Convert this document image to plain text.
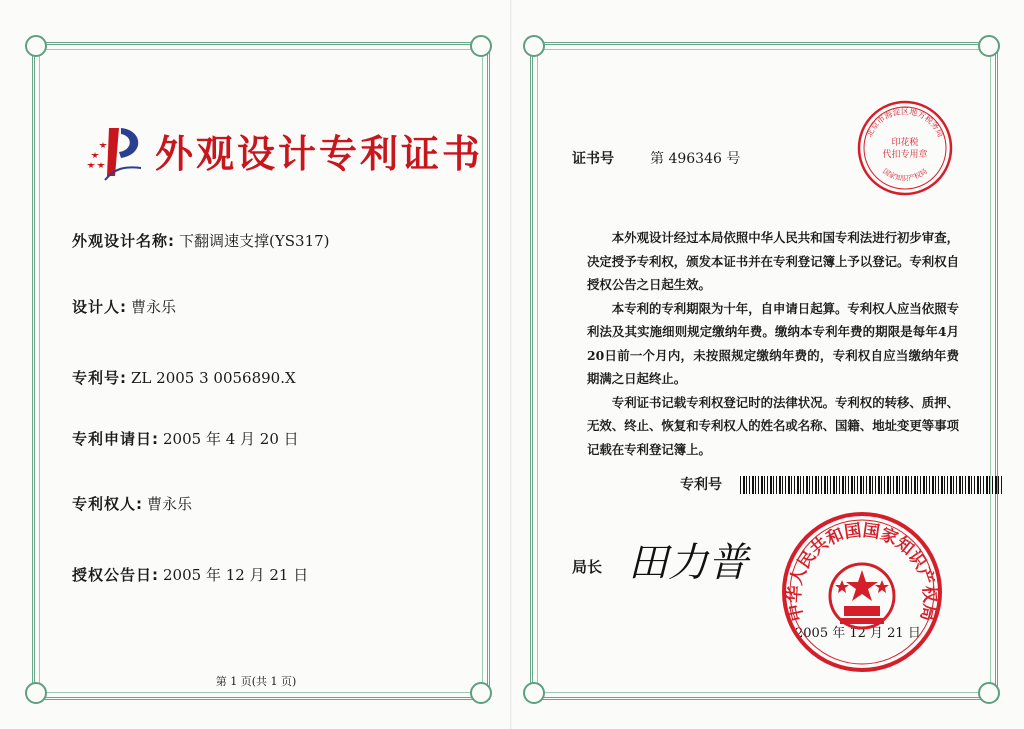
外观设计专利证书
外观设计名称: 下翻调速支撑(YS317)
设计人: 曹永乐
专利号: ZL 2005 3 0056890.X
专利申请日: 2005 年 4 月 20 日
专利权人: 曹永乐
授权公告日: 2005 年 12 月 21 日
第 1 页(共 1 页)
证书号	第 496346 号
北京市海淀区地方税务局
印花税
代扣专用章
国家知识产权局

本外观设计经过本局依照中华人民共和国专利法进行初步审查，决定授予专利权，颁发本证书并在专利登记簿上予以登记。专利权自授权公告之日起生效。

本专利的专利期限为十年，自申请日起算。专利权人应当依照专利法及其实施细则规定缴纳年费。缴纳本专利年费的期限是每年4月20日前一个月内，未按照规定缴纳年费的，专利权自应当缴纳年费期满之日起终止。

专利证书记载专利权登记时的法律状况。专利权的转移、质押、无效、终止、恢复和专利权人的姓名或名称、国籍、地址变更等事项记载在专利登记簿上。

专利号
局长 田力普
2005 年 12 月 21 日
中华人民共和国国家知识产权局
